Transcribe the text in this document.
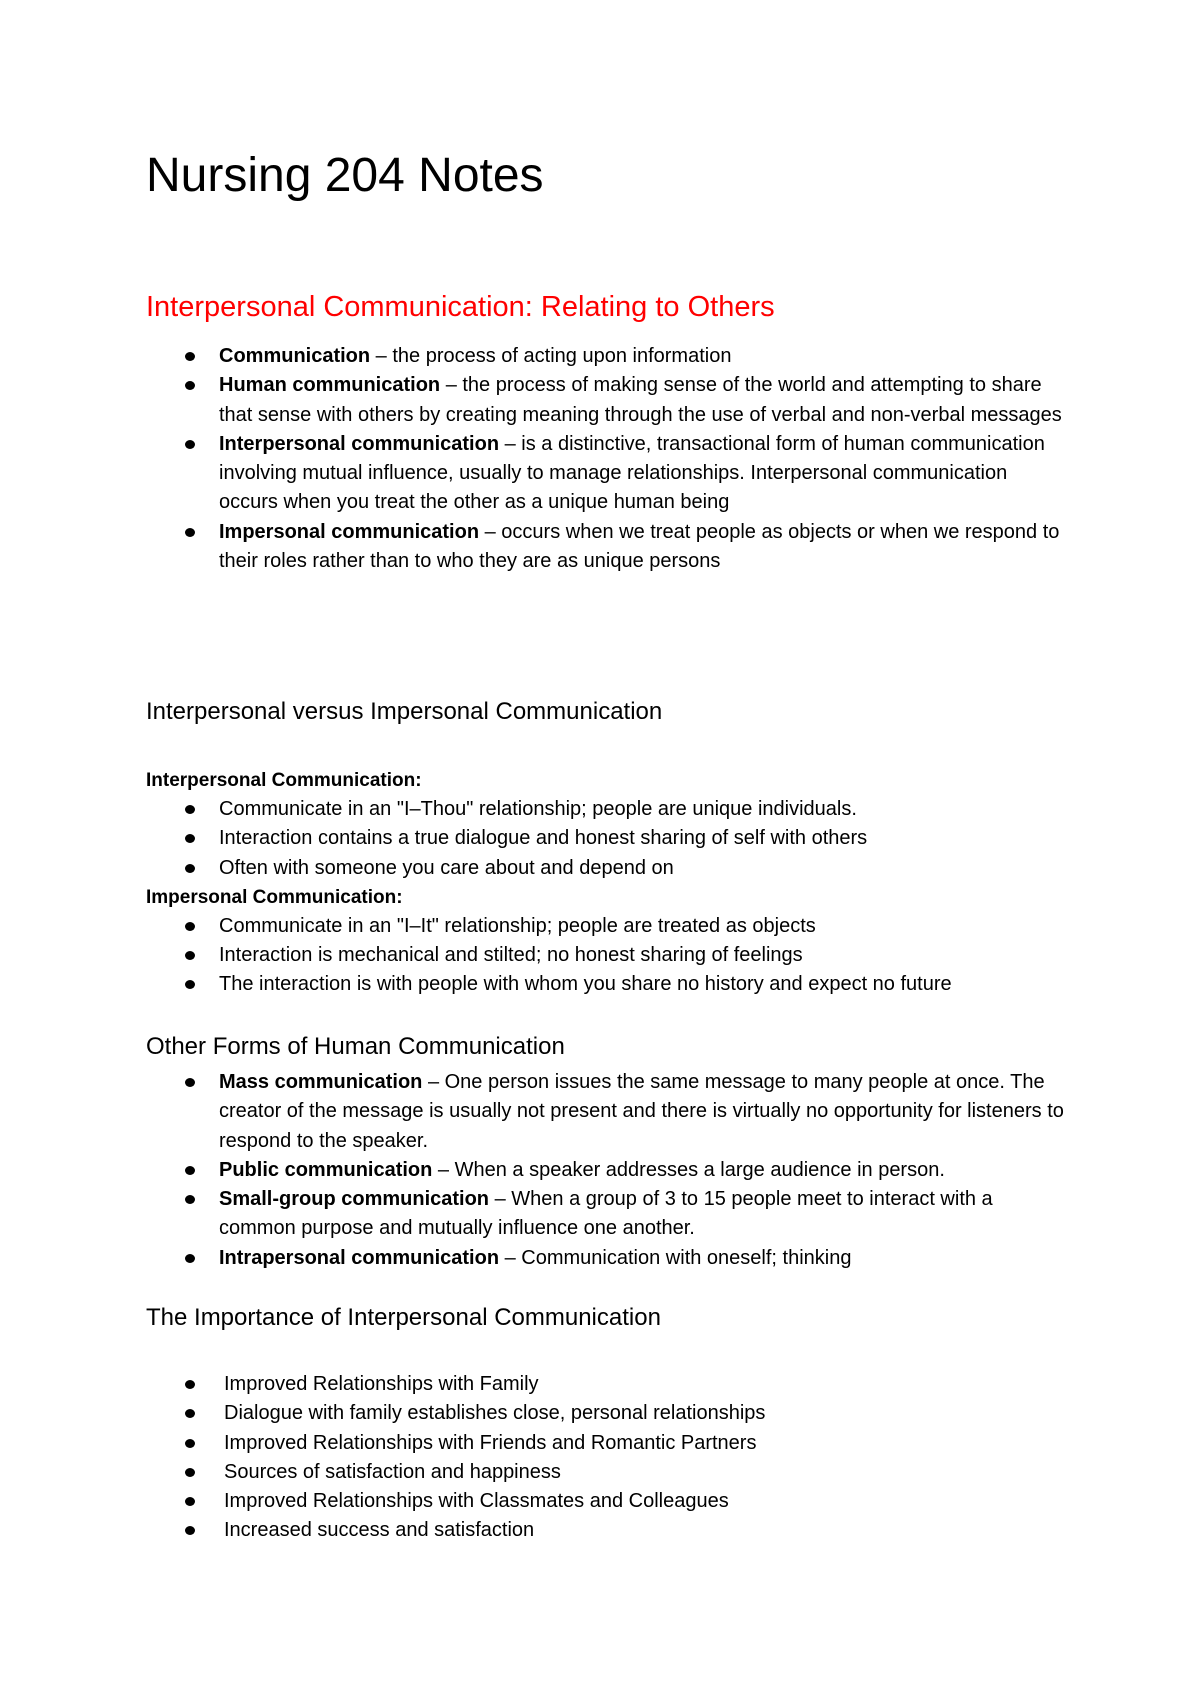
Nursing 204 Notes
Interpersonal Communication: Relating to Others
Communication – the process of acting upon information
Human communication – the process of making sense of the world and attempting to share that sense with others by creating meaning through the use of verbal and non-verbal messages
Interpersonal communication – is a distinctive, transactional form of human communication involving mutual influence, usually to manage relationships. Interpersonal communication occurs when you treat the other as a unique human being
Impersonal communication – occurs when we treat people as objects or when we respond to their roles rather than to who they are as unique persons
Interpersonal versus Impersonal Communication
Interpersonal Communication:
Communicate in an "I–Thou" relationship; people are unique individuals.
Interaction contains a true dialogue and honest sharing of self with others
Often with someone you care about and depend on
Impersonal Communication:
Communicate in an "I–It" relationship; people are treated as objects
Interaction is mechanical and stilted; no honest sharing of feelings
The interaction is with people with whom you share no history and expect no future
Other Forms of Human Communication
Mass communication – One person issues the same message to many people at once. The creator of the message is usually not present and there is virtually no opportunity for listeners to respond to the speaker.
Public communication – When a speaker addresses a large audience in person.
Small-group communication – When a group of 3 to 15 people meet to interact with a common purpose and mutually influence one another.
Intrapersonal communication – Communication with oneself; thinking
The Importance of Interpersonal Communication
Improved Relationships with Family
Dialogue with family establishes close, personal relationships
Improved Relationships with Friends and Romantic Partners
Sources of satisfaction and happiness
Improved Relationships with Classmates and Colleagues
Increased success and satisfaction
